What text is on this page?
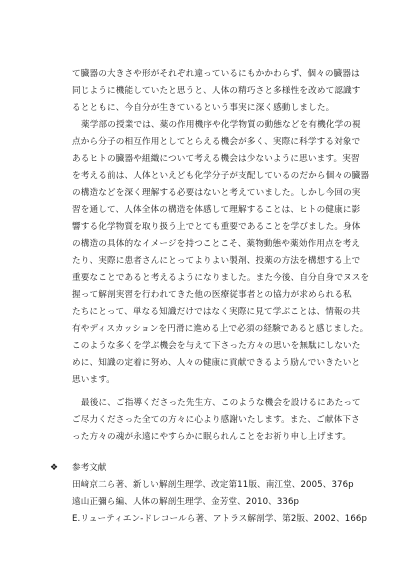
て臓器の大きさや形がそれぞれ違っているにもかかわらず、個々の臓器は
同じように機能していたと思うと、人体の精巧さと多様性を改めて認識す
るとともに、今自分が生きているという事実に深く感動しました。
薬学部の授業では、薬の作用機序や化学物質の動態などを有機化学の視
点から分子の相互作用としてとらえる機会が多く、実際に科学する対象で
あるヒトの臓器や組織について考える機会は少ないように思います。実習
を考える前は、人体といえども化学分子が支配しているのだから個々の臓器
の構造などを深く理解する必要はないと考えていました。しかし今回の実
習を通して、人体全体の構造を体感して理解することは、ヒトの健康に影
響する化学物質を取り扱う上でとても重要であることを学びました。身体
の構造の具体的なイメージを持つことこそ、薬物動態や薬効作用点を考え
たり、実際に患者さんにとってよりよい製剤、投薬の方法を構想する上で
重要なことであると考えるようになりました。また今後、自分自身でヌスを
握って解剖実習を行われてきた他の医療従事者との協力が求められる私
たちにとって、単なる知識だけではなく実際に見て学ぶことは、情報の共
有やディスカッションを円滑に進める上で必須の経験であると感じました。
このような多くを学ぶ機会を与えて下さった方々の思いを無駄にしないた
めに、知識の定着に努め、人々の健康に貢献できるよう励んでいきたいと
思います。
最後に、ご指導くださった先生方、このような機会を設けるにあたって
ご尽力くださった全ての方々に心より感謝いたします。また、ご献体下さ
った方々の魂が永遠にやすらかに眠られんことをお祈り申し上げます。
❖ 参考文献
田﨑京二ら著、新しい解剖生理学、改定第11版、南江堂、2005、376p
遠山正彌ら編、人体の解剖生理学、金芳堂、2010、336p
E.リューティエン-ドレコールら著、アトラス解剖学、第2版、2002、166p
